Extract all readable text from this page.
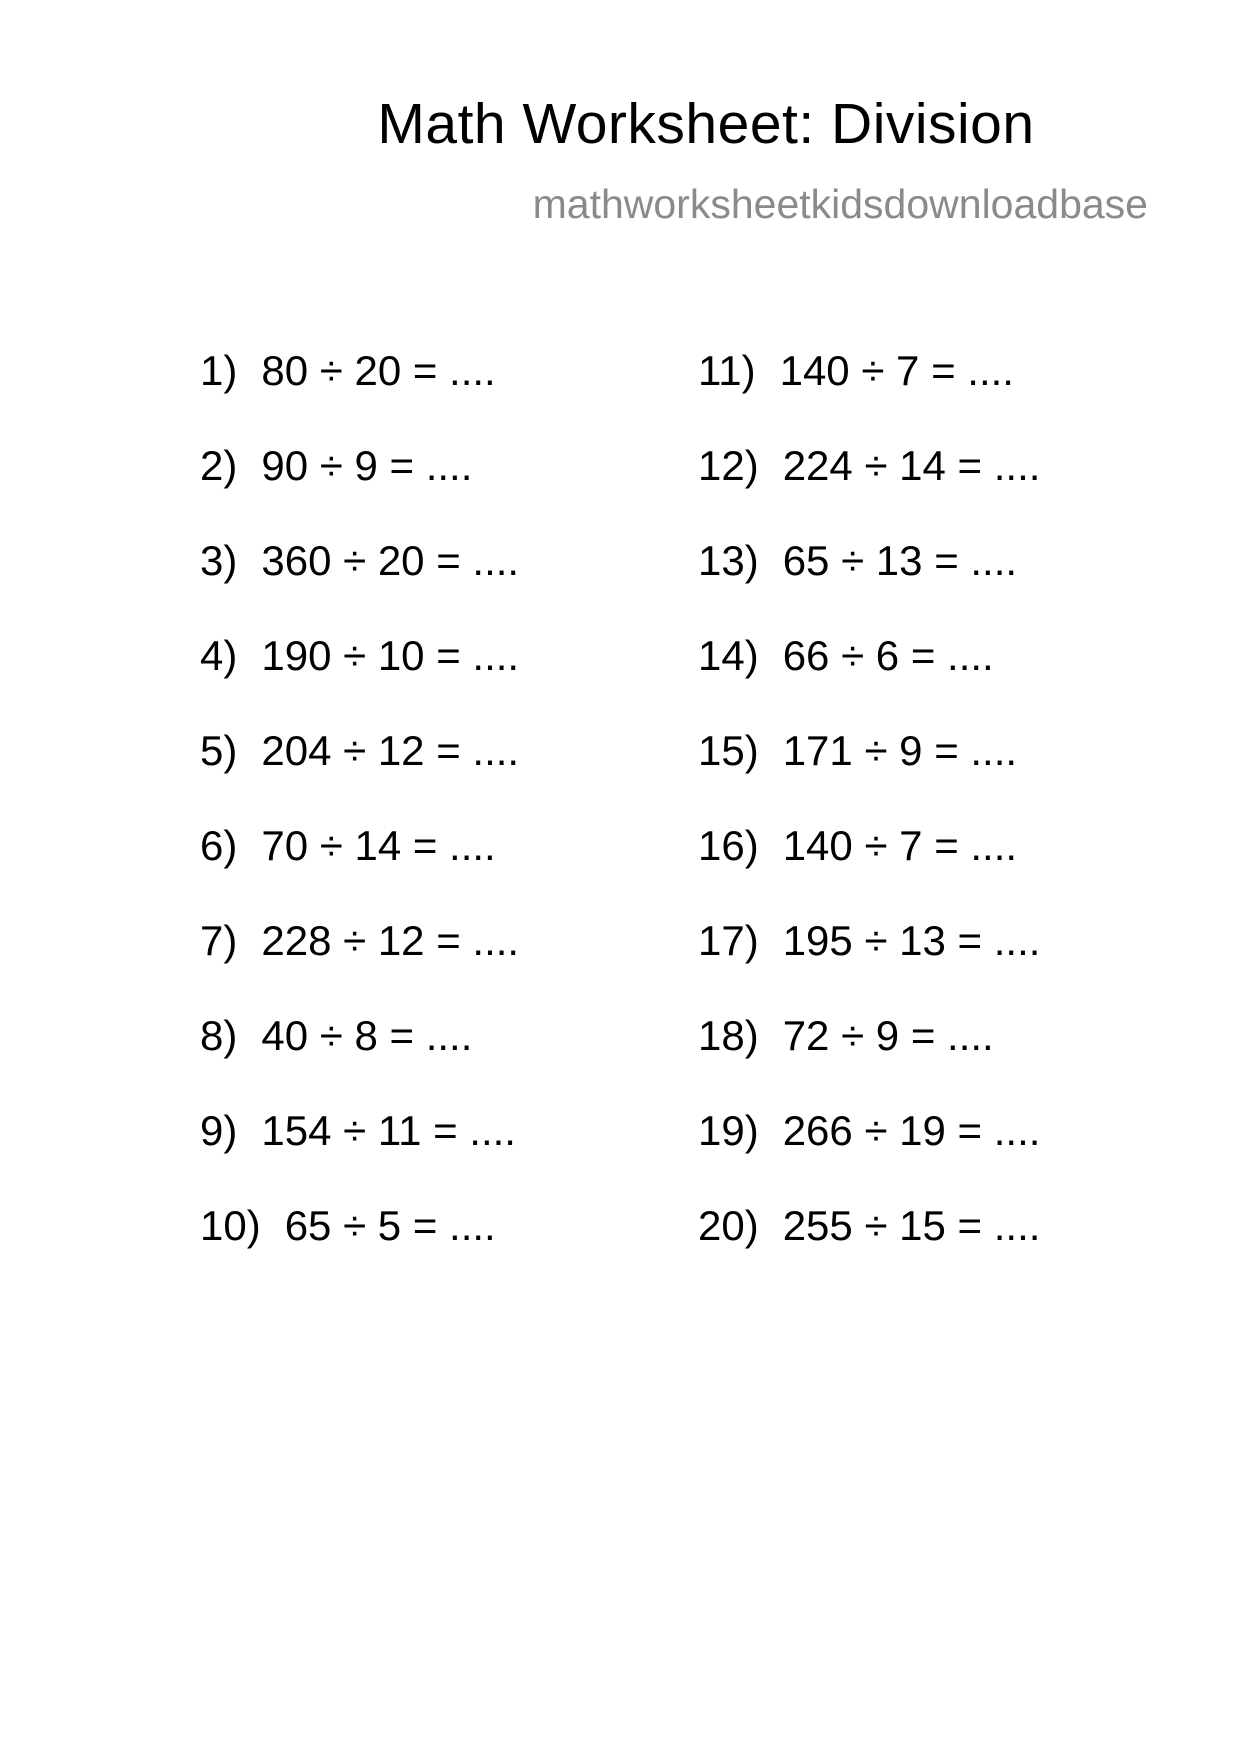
Math Worksheet: Division
mathworksheetkidsdownloadbase
1) 80 ÷ 20 = ....
2) 90 ÷ 9 = ....
3) 360 ÷ 20 = ....
4) 190 ÷ 10 = ....
5) 204 ÷ 12 = ....
6) 70 ÷ 14 = ....
7) 228 ÷ 12 = ....
8) 40 ÷ 8 = ....
9) 154 ÷ 11 = ....
10) 65 ÷ 5 = ....
11) 140 ÷ 7 = ....
12) 224 ÷ 14 = ....
13) 65 ÷ 13 = ....
14) 66 ÷ 6 = ....
15) 171 ÷ 9 = ....
16) 140 ÷ 7 = ....
17) 195 ÷ 13 = ....
18) 72 ÷ 9 = ....
19) 266 ÷ 19 = ....
20) 255 ÷ 15 = ....
